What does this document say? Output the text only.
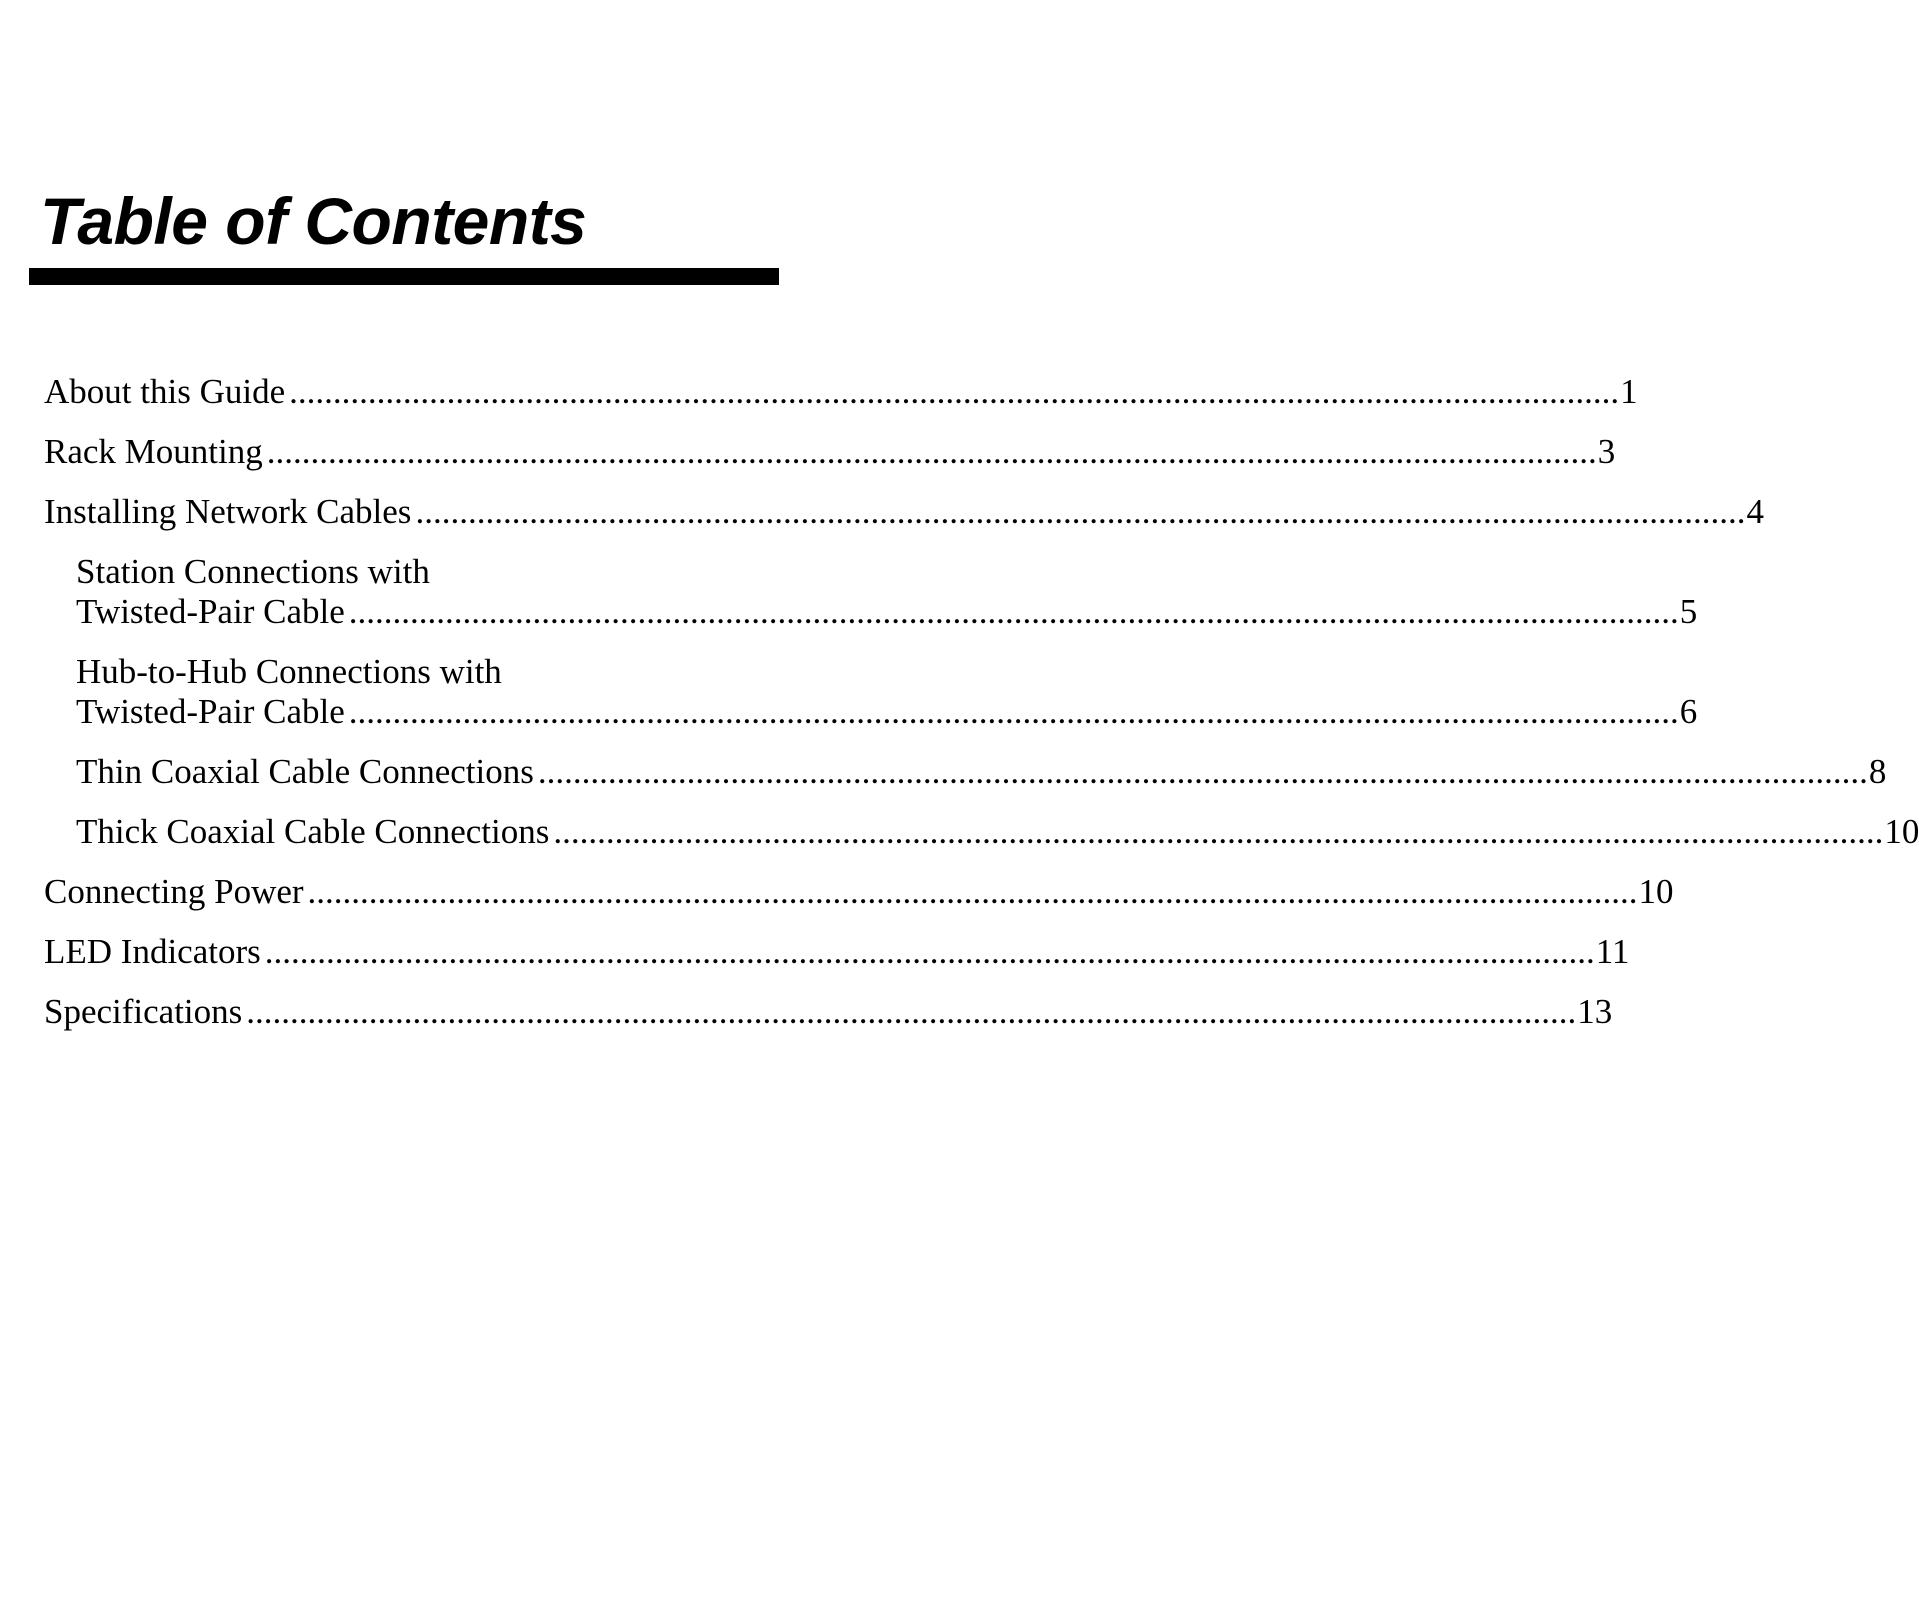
Table of Contents
About this Guide ........................................................................................................................................................ 1
Rack Mounting ........................................................................................................................................................ 3
Installing Network Cables ........................................................................................................................................................ 4
Station Connections with
Twisted-Pair Cable ........................................................................................................................................................ 5
Hub-to-Hub Connections with
Twisted-Pair Cable ........................................................................................................................................................ 6
Thin Coaxial Cable Connections ........................................................................................................................................................ 8
Thick Coaxial Cable Connections ........................................................................................................................................................ 10
Connecting Power ........................................................................................................................................................ 10
LED Indicators ........................................................................................................................................................ 11
Specifications ........................................................................................................................................................ 13
